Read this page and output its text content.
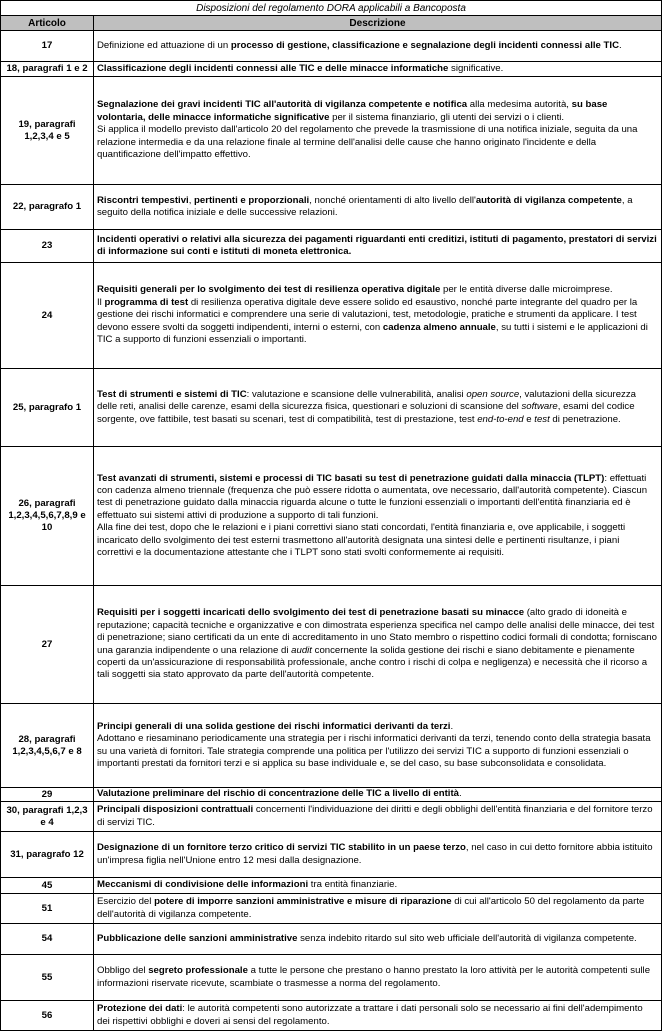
Disposizioni del regolamento DORA applicabili a Bancoposta	
Articolo	Descrizione
17	Definizione ed attuazione di un processo di gestione, classificazione e segnalazione degli incidenti connessi alle TIC.

18, paragrafi 1 e 2	Classificazione degli incidenti connessi alle TIC e delle minacce informatiche significative.

19, paragrafi 1,2,3,4 e 5	Segnalazione dei gravi incidenti TIC all'autorità di vigilanza competente e notifica alla medesima autorità, su base volontaria, delle minacce informatiche significative per il sistema finanziario, gli utenti dei servizi o i clienti.

Si applica il modello previsto dall'articolo 20 del regolamento che prevede la trasmissione di una notifica iniziale, seguita da una relazione intermedia e da una relazione finale al termine dell'analisi delle cause che hanno originato l'incidente e della quantificazione dell'impatto effettivo.

22, paragrafo 1	Riscontri tempestivi, pertinenti e proporzionali, nonché orientamenti di alto livello dell'autorità di vigilanza competente, a seguito della notifica iniziale e delle successive relazioni.

23	Incidenti operativi o relativi alla sicurezza dei pagamenti riguardanti enti creditizi, istituti di pagamento, prestatori di servizi di informazione sui conti e istituti di moneta elettronica.

24	Requisiti generali per lo svolgimento dei test di resilienza operativa digitale per le entità diverse dalle microimprese.

Il programma di test di resilienza operativa digitale deve essere solido ed esaustivo, nonché parte integrante del quadro per la gestione dei rischi informatici e comprendere una serie di valutazioni, test, metodologie, pratiche e strumenti da applicare. I test devono essere svolti da soggetti indipendenti, interni o esterni, con cadenza almeno annuale, su tutti i sistemi e le applicazioni di TIC a supporto di funzioni essenziali o importanti.

25, paragrafo 1	Test di strumenti e sistemi di TIC: valutazione e scansione delle vulnerabilità, analisi open source, valutazioni della sicurezza delle reti, analisi delle carenze, esami della sicurezza fisica, questionari e soluzioni di scansione del software, esami del codice sorgente, ove fattibile, test basati su scenari, test di compatibilità, test di prestazione, test end-to-end e test di penetrazione.

26, paragrafi 1,2,3,4,5,6,7,8,9 e 10	Test avanzati di strumenti, sistemi e processi di TIC basati su test di penetrazione guidati dalla minaccia (TLPT): effettuati con cadenza almeno triennale (frequenza che può essere ridotta o aumentata, ove necessario, dall'autorità competente). Ciascun test di penetrazione guidato dalla minaccia riguarda alcune o tutte le funzioni essenziali o importanti dell'entità finanziaria ed è effettuato sui sistemi attivi di produzione a supporto di tali funzioni.

Alla fine dei test, dopo che le relazioni e i piani correttivi siano stati concordati, l'entità finanziaria e, ove applicabile, i soggetti incaricato dello svolgimento dei test esterni trasmettono all'autorità designata una sintesi delle e pertinenti risultanze, i piani correttivi e la documentazione attestante che i TLPT sono stati svolti conformemente ai requisiti.

27	Requisiti per i soggetti incaricati dello svolgimento dei test di penetrazione basati su minacce (alto grado di idoneità e reputazione; capacità tecniche e organizzative e con dimostrata esperienza specifica nel campo delle analisi delle minacce, dei test di penetrazione; siano certificati da un ente di accreditamento in uno Stato membro o rispettino codici formali di condotta; forniscano una garanzia indipendente o una relazione di audit concernente la solida gestione dei rischi e siano debitamente e pienamente coperti da un'assicurazione di responsabilità professionale, anche contro i rischi di colpa e negligenza) e necessità che il ricorso a tali soggetti sia stato approvato da parte dell'autorità competente.

28, paragrafi 1,2,3,4,5,6,7 e 8	Principi generali di una solida gestione dei rischi informatici derivanti da terzi.

Adottano e riesaminano periodicamente una strategia per i rischi informatici derivanti da terzi, tenendo conto della strategia basata su una varietà di fornitori. Tale strategia comprende una politica per l'utilizzo dei servizi TIC a supporto di funzioni essenziali o importanti prestati da fornitori terzi e si applica su base individuale e, se del caso, su base subconsolidata e consolidata.

29	Valutazione preliminare del rischio di concentrazione delle TIC a livello di entità.

30, paragrafi 1,2,3 e 4	Principali disposizioni contrattuali concernenti l'individuazione dei diritti e degli obblighi dell'entità finanziaria e del fornitore terzo di servizi TIC.

31, paragrafo 12	Designazione di un fornitore terzo critico di servizi TIC stabilito in un paese terzo, nel caso in cui detto fornitore abbia istituito un'impresa figlia nell'Unione entro 12 mesi dalla designazione.

45	Meccanismi di condivisione delle informazioni tra entità finanziarie.

51	Esercizio del potere di imporre sanzioni amministrative e misure di riparazione di cui all'articolo 50 del regolamento da parte dell'autorità di vigilanza competente.

54	Pubblicazione delle sanzioni amministrative senza indebito ritardo sul sito web ufficiale dell'autorità di vigilanza competente.

55	Obbligo del segreto professionale a tutte le persone che prestano o hanno prestato la loro attività per le autorità competenti sulle informazioni riservate ricevute, scambiate o trasmesse a norma del regolamento.

56	Protezione dei dati: le autorità competenti sono autorizzate a trattare i dati personali solo se necessario ai fini dell'adempimento dei rispettivi obblighi e doveri ai sensi del regolamento.
